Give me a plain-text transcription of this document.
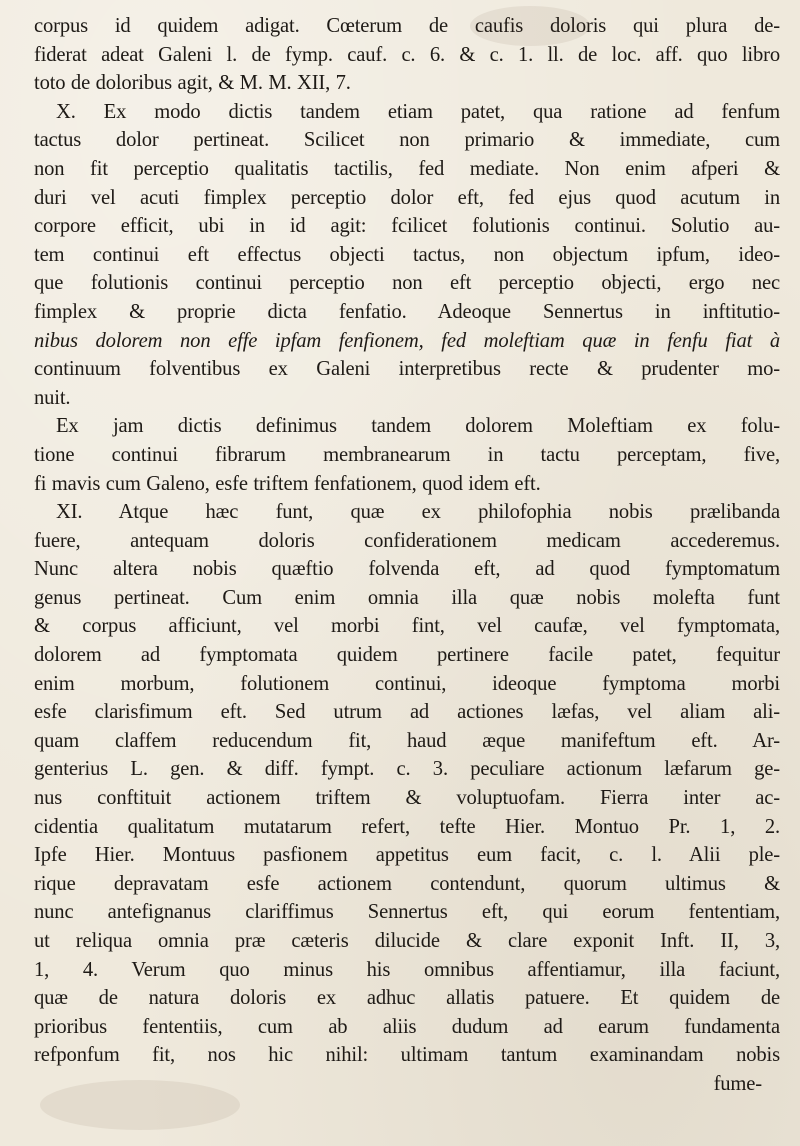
corpus id quidem adigat. Cœterum de caufis doloris qui plura de-
fiderat adeat Galeni l. de fymp. cauf. c. 6. & c. 1. ll. de loc. aff. quo libro
toto de doloribus agit, & M. M. XII, 7.
X. Ex modo dictis tandem etiam patet, qua ratione ad fenfum
tactus dolor pertineat. Scilicet non primario & immediate, cum
non fit perceptio qualitatis tactilis, fed mediate. Non enim afperi &
duri vel acuti fimplex perceptio dolor eft, fed ejus quod acutum in
corpore efficit, ubi in id agit: fcilicet folutionis continui. Solutio au-
tem continui eft effectus objecti tactus, non objectum ipfum, ideo-
que folutionis continui perceptio non eft perceptio objecti, ergo nec
fimplex & proprie dicta fenfatio. Adeoque Sennertus in inftitutio-
nibus dolorem non effe ipfam fenfionem, fed moleftiam quæ in fenfu fiat à
continuum folventibus ex Galeni interpretibus recte & prudenter mo-
nuit.
Ex jam dictis definimus tandem dolorem Moleftiam ex folu-
tione continui fibrarum membranearum in tactu perceptam, five,
fi mavis cum Galeno, esfe triftem fenfationem, quod idem eft.
XI. Atque hæc funt, quæ ex philofophia nobis prælibanda
fuere, antequam doloris confiderationem medicam accederemus.
Nunc altera nobis quæftio folvenda eft, ad quod fymptomatum
genus pertineat. Cum enim omnia illa quæ nobis molefta funt
& corpus afficiunt, vel morbi fint, vel caufæ, vel fymptomata,
dolorem ad fymptomata quidem pertinere facile patet, fequitur
enim morbum, folutionem continui, ideoque fymptoma morbi
esfe clarisfimum eft. Sed utrum ad actiones læfas, vel aliam ali-
quam claffem reducendum fit, haud æque manifeftum eft. Ar-
genterius L. gen. & diff. fympt. c. 3. peculiare actionum læfarum ge-
nus conftituit actionem triftem & voluptuofam. Fierra inter ac-
cidentia qualitatum mutatarum refert, tefte Hier. Montuo Pr. 1, 2.
Ipfe Hier. Montuus pasfionem appetitus eum facit, c. l. Alii ple-
rique depravatam esfe actionem contendunt, quorum ultimus &
nunc antefignanus clariffimus Sennertus eft, qui eorum fententiam,
ut reliqua omnia præ cæteris dilucide & clare exponit Inft. II, 3,
1, 4. Verum quo minus his omnibus affentiamur, illa faciunt,
quæ de natura doloris ex adhuc allatis patuere. Et quidem de
prioribus fententiis, cum ab aliis dudum ad earum fundamenta
refponfum fit, nos hic nihil: ultimam tantum examinandam nobis
fume-
